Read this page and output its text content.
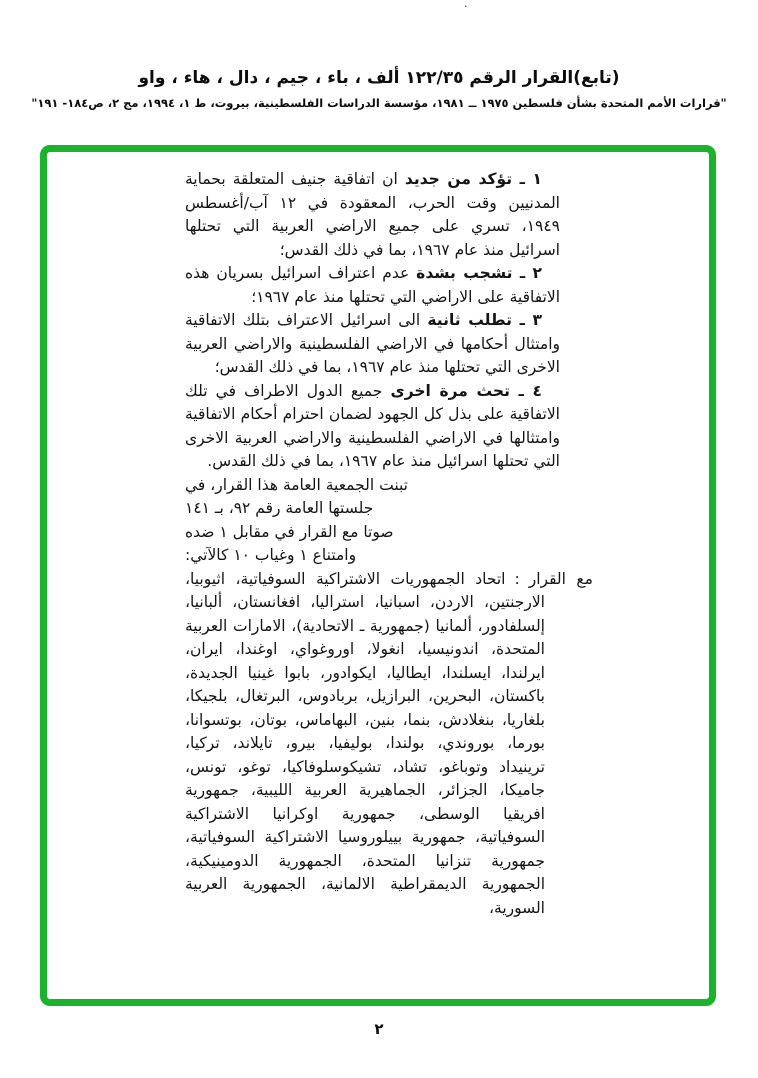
·
(تابع)القرار الرقم ١٢٢/٣٥ ألف ، باء ، جيم ، دال ، هاء ، واو
"قرارات الأمم المتحدة بشأن فلسطين ١٩٧٥ ــ ١٩٨١، مؤسسة الدراسات الفلسطينية، بيروت، ط ١، ١٩٩٤، مج ٢، ص١٨٤- ١٩١"

١ ـ تؤكد من جديد ان اتفاقية جنيف المتعلقة بحماية المدنيين وقت الحرب، المعقودة في ١٢ آب/أغسطس ١٩٤٩، تسري على جميع الاراضي العربية التي تحتلها اسرائيل منذ عام ١٩٦٧، بما في ذلك القدس؛

٢ ـ تشجب بشدة عدم اعتراف اسرائيل بسريان هذه الاتفاقية على الاراضي التي تحتلها منذ عام ١٩٦٧؛

٣ ـ تطلب ثانية الى اسرائيل الاعتراف بتلك الاتفاقية وامتثال أحكامها في الاراضي الفلسطينية والاراضي العربية الاخرى التي تحتلها منذ عام ١٩٦٧، بما في ذلك القدس؛

٤ ـ تحث مرة اخرى جميع الدول الاطراف في تلك الاتفاقية على بذل كل الجهود لضمان احترام أحكام الاتفاقية وامتثالها في الاراضي الفلسطينية والاراضي العربية الاخرى التي تحتلها اسرائيل منذ عام ١٩٦٧، بما في ذلك القدس.

تبنت الجمعية العامة هذا القرار، في
جلستها العامة رقم ٩٢، بـ ١٤١
صوتا مع القرار في مقابل ١ ضده
وامتناع ١ وغياب ١٠ كالآتي:

مع القرار:اتحاد الجمهوريات الاشتراكية السوفياتية، اثيوبيا، الارجنتين، الاردن، اسبانيا، استراليا، افغانستان، ألبانيا، إلسلفادور، ألمانيا (جمهورية ـ الاتحادية)، الامارات العربية المتحدة، اندونيسيا، انغولا، اوروغواي، اوغندا، ايران، ايرلندا، ايسلندا، ايطاليا، ايكوادور، بابوا غينيا الجديدة، باكستان، البحرين، البرازيل، بربادوس، البرتغال، بلجيكا، بلغاريا، بنغلادش، بنما، بنين، البهاماس، بوتان، بوتسوانا، بورما، بوروندي، بولندا، بوليفيا، بيرو، تايلاند، تركيا، ترينيداد وتوباغو، تشاد، تشيكوسلوفاكيا، توغو، تونس، جاميكا، الجزائر، الجماهيرية العربية الليبية، جمهورية افريقيا الوسطى، جمهورية اوكرانيا الاشتراكية السوفياتية، جمهورية بييلوروسيا الاشتراكية السوفياتية، جمهورية تنزانيا المتحدة، الجمهورية الدومينيكية، الجمهورية الديمقراطية الالمانية، الجمهورية العربية السورية،

٢
